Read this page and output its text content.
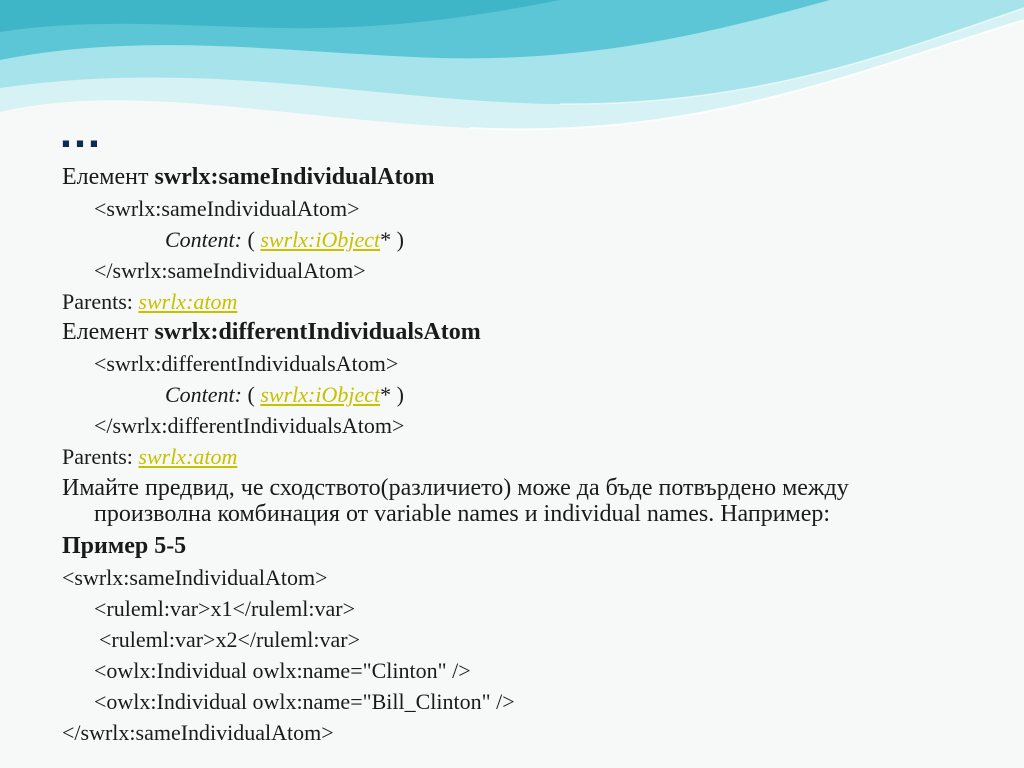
…
Елемент swrlx:sameIndividualAtom
<swrlx:sameIndividualAtom>
Content: ( swrlx:iObject* )
</swrlx:sameIndividualAtom>
Parents: swrlx:atom
Елемент swrlx:differentIndividualsAtom
<swrlx:differentIndividualsAtom>
Content: ( swrlx:iObject* )
</swrlx:differentIndividualsAtom>
Parents: swrlx:atom
Имайте предвид, че сходството(различието) може да бъде потвърдено между
произволна комбинация от variable names и individual names. Например:
Пример 5-5
<swrlx:sameIndividualAtom>
<ruleml:var>x1</ruleml:var>
<ruleml:var>x2</ruleml:var>
<owlx:Individual owlx:name="Clinton" />
<owlx:Individual owlx:name="Bill_Clinton" />
</swrlx:sameIndividualAtom>
